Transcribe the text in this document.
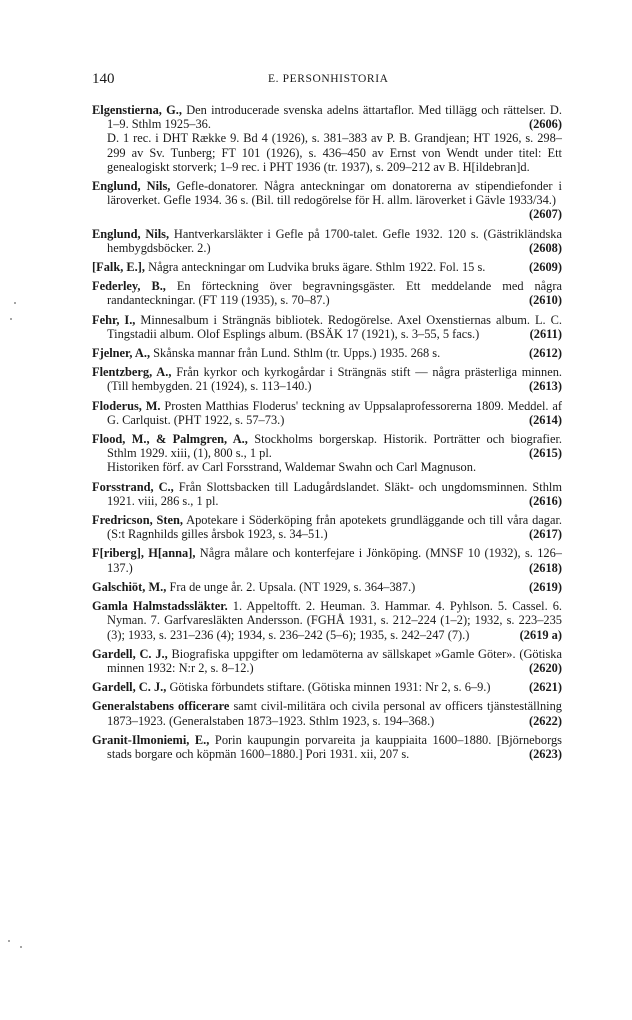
140	E. PERSONHISTORIA
Elgenstierna, G., Den introducerade svenska adelns ättartaflor. Med tillägg och rättelser. D. 1–9. Sthlm 1925–36.	(2606)
D. 1 rec. i DHT Række 9. Bd 4 (1926), s. 381–383 av P. B. Grandjean; HT 1926, s. 298–299 av Sv. Tunberg; FT 101 (1926), s. 436–450 av Ernst von Wendt under titel: Ett genealogiskt storverk; 1–9 rec. i PHT 1936 (tr. 1937), s. 209–212 av B. H[ildebran]d.
Englund, Nils, Gefle-donatorer. Några anteckningar om donatorerna av stipendiefonder i läroverket. Gefle 1934. 36 s. (Bil. till redogörelse för H. allm. läroverket i Gävle 1933/34.)
(2607)
Englund, Nils, Hantverkarsläkter i Gefle på 1700-talet. Gefle 1932. 120 s. (Gästrikländska hembygdsböcker. 2.)	(2608)
[Falk, E.], Några anteckningar om Ludvika bruks ägare. Sthlm 1922. Fol. 15 s.	(2609)
Federley, B., En förteckning över begravningsgäster. Ett meddelande med några randanteckningar. (FT 119 (1935), s. 70–87.)	(2610)
Fehr, I., Minnesalbum i Strängnäs bibliotek. Redogörelse. Axel Oxenstiernas album. L. C. Tingstadii album. Olof Esplings album. (BSÄK 17 (1921), s. 3–55, 5 facs.)	(2611)
Fjelner, A., Skånska mannar från Lund. Sthlm (tr. Upps.) 1935. 268 s.	(2612)
Flentzberg, A., Från kyrkor och kyrkogårdar i Strängnäs stift — några prästerliga minnen. (Till hembygden. 21 (1924), s. 113–140.)	(2613)
Floderus, M. Prosten Matthias Floderus' teckning av Uppsalaprofessorerna 1809. Meddel. af G. Carlquist. (PHT 1922, s. 57–73.)	(2614)
Flood, M., & Palmgren, A., Stockholms borgerskap. Historik. Porträtter och biografier. Sthlm 1929. xiii, (1), 800 s., 1 pl.	(2615)
Historiken förf. av Carl Forsstrand, Waldemar Swahn och Carl Magnuson.
Forsstrand, C., Från Slottsbacken till Ladugårdslandet. Släkt- och ungdomsminnen. Sthlm 1921. viii, 286 s., 1 pl.	(2616)
Fredricson, Sten, Apotekare i Söderköping från apotekets grundläggande och till våra dagar. (S:t Ragnhilds gilles årsbok 1923, s. 34–51.)	(2617)
F[riberg], H[anna], Några målare och konterfejare i Jönköping. (MNSF 10 (1932), s. 126–137.)	(2618)
Galschiöt, M., Fra de unge år. 2. Upsala. (NT 1929, s. 364–387.)	(2619)
Gamla Halmstadssläkter. 1. Appeltofft. 2. Heuman. 3. Hammar. 4. Pyhlson. 5. Cassel. 6. Nyman. 7. Garfvaresläkten Andersson. (FGHÅ 1931, s. 212–224 (1–2); 1932, s. 223–235 (3); 1933, s. 231–236 (4); 1934, s. 236–242 (5–6); 1935, s. 242–247 (7).)	(2619 a)
Gardell, C. J., Biografiska uppgifter om ledamöterna av sällskapet »Gamle Göter». (Götiska minnen 1932: N:r 2, s. 8–12.)	(2620)
Gardell, C. J., Götiska förbundets stiftare. (Götiska minnen 1931: Nr 2, s. 6–9.)	(2621)
Generalstabens officerare samt civil-militära och civila personal av officers tjänsteställning 1873–1923. (Generalstaben 1873–1923. Sthlm 1923, s. 194–368.)	(2622)
Granit-Ilmoniemi, E., Porin kaupungin porvareita ja kauppiaita 1600–1880. [Björneborgs stads borgare och köpmän 1600–1880.] Pori 1931. xii, 207 s.	(2623)
